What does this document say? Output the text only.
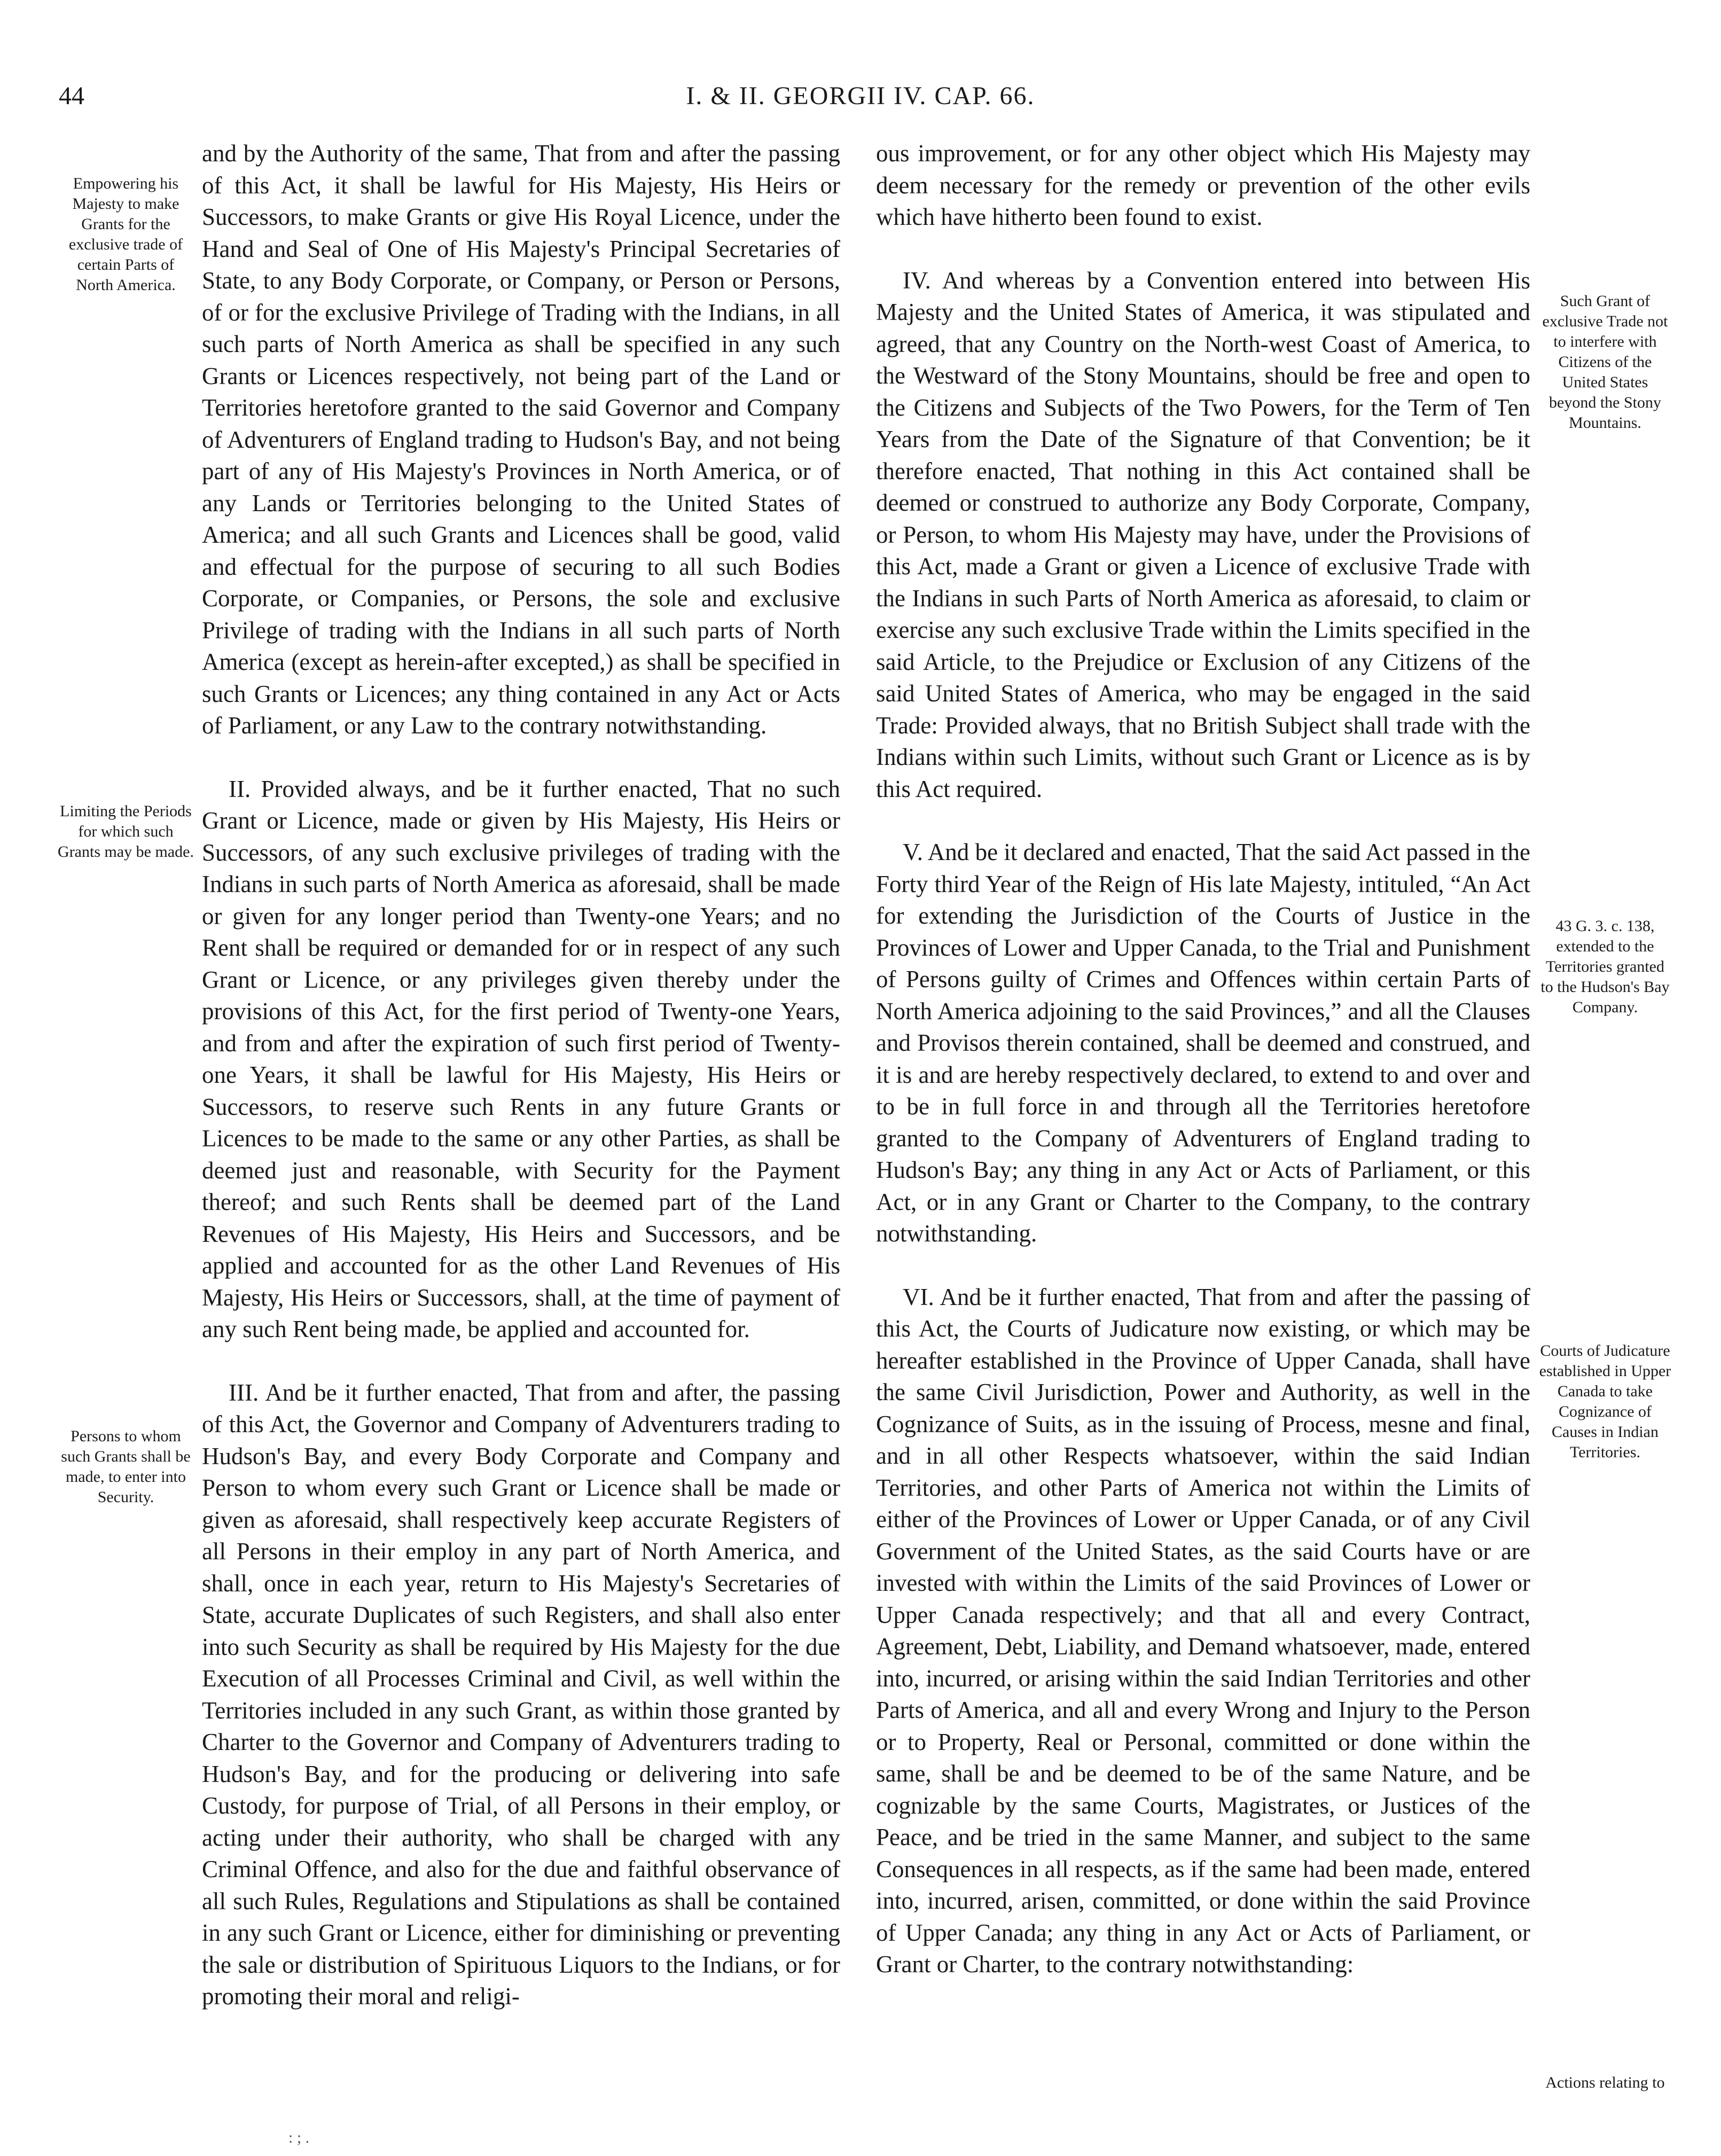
44	I. & II. GEORGII IV. CAP. 66.
Empowering his Majesty to make Grants for the exclusive trade of certain Parts of North America.
Limiting the Periods for which such Grants may be made.
Persons to whom such Grants shall be made, to enter into Security.
Such Grant of exclusive Trade not to interfere with Citizens of the United States beyond the Stony Mountains.
43 G. 3. c. 138, extended to the Territories granted to the Hudson's Bay Company.
Courts of Judicature established in Upper Canada to take Cognizance of Causes in Indian Territories.
Actions relating to

and by the Authority of the same, That from and after the passing of this Act, it shall be lawful for His Majesty, His Heirs or Successors, to make Grants or give His Royal Licence, under the Hand and Seal of One of His Majesty's Principal Secretaries of State, to any Body Corporate, or Company, or Person or Persons, of or for the exclusive Privilege of Trading with the Indians, in all such parts of North America as shall be specified in any such Grants or Licences respectively, not being part of the Land or Territories heretofore granted to the said Governor and Company of Adventurers of England trading to Hudson's Bay, and not being part of any of His Majesty's Provinces in North America, or of any Lands or Territories belonging to the United States of America; and all such Grants and Licences shall be good, valid and effectual for the purpose of securing to all such Bodies Corporate, or Companies, or Persons, the sole and exclusive Privilege of trading with the Indians in all such parts of North America (except as herein-after excepted,) as shall be specified in such Grants or Licences; any thing contained in any Act or Acts of Parliament, or any Law to the contrary notwithstanding.

II. Provided always, and be it further enacted, That no such Grant or Licence, made or given by His Majesty, His Heirs or Successors, of any such exclusive privileges of trading with the Indians in such parts of North America as aforesaid, shall be made or given for any longer period than Twenty-one Years; and no Rent shall be required or demanded for or in respect of any such Grant or Licence, or any privileges given thereby under the provisions of this Act, for the first period of Twenty-one Years, and from and after the expiration of such first period of Twenty-one Years, it shall be lawful for His Majesty, His Heirs or Successors, to reserve such Rents in any future Grants or Licences to be made to the same or any other Parties, as shall be deemed just and reasonable, with Security for the Payment thereof; and such Rents shall be deemed part of the Land Revenues of His Majesty, His Heirs and Successors, and be applied and accounted for as the other Land Revenues of His Majesty, His Heirs or Successors, shall, at the time of payment of any such Rent being made, be applied and accounted for.

III. And be it further enacted, That from and after, the passing of this Act, the Governor and Company of Adventurers trading to Hudson's Bay, and every Body Corporate and Company and Person to whom every such Grant or Licence shall be made or given as aforesaid, shall respectively keep accurate Registers of all Persons in their employ in any part of North America, and shall, once in each year, return to His Majesty's Secretaries of State, accurate Duplicates of such Registers, and shall also enter into such Security as shall be required by His Majesty for the due Execution of all Processes Criminal and Civil, as well within the Territories included in any such Grant, as within those granted by Charter to the Governor and Company of Adventurers trading to Hudson's Bay, and for the producing or delivering into safe Custody, for purpose of Trial, of all Persons in their employ, or acting under their authority, who shall be charged with any Criminal Offence, and also for the due and faithful observance of all such Rules, Regulations and Stipulations as shall be contained in any such Grant or Licence, either for diminishing or preventing the sale or distribution of Spirituous Liquors to the Indians, or for promoting their moral and religi-

ous improvement, or for any other object which His Majesty may deem necessary for the remedy or prevention of the other evils which have hitherto been found to exist.

IV. And whereas by a Convention entered into between His Majesty and the United States of America, it was stipulated and agreed, that any Country on the North-west Coast of America, to the Westward of the Stony Mountains, should be free and open to the Citizens and Subjects of the Two Powers, for the Term of Ten Years from the Date of the Signature of that Convention; be it therefore enacted, That nothing in this Act contained shall be deemed or construed to authorize any Body Corporate, Company, or Person, to whom His Majesty may have, under the Provisions of this Act, made a Grant or given a Licence of exclusive Trade with the Indians in such Parts of North America as aforesaid, to claim or exercise any such exclusive Trade within the Limits specified in the said Article, to the Prejudice or Exclusion of any Citizens of the said United States of America, who may be engaged in the said Trade: Provided always, that no British Subject shall trade with the Indians within such Limits, without such Grant or Licence as is by this Act required.

V. And be it declared and enacted, That the said Act passed in the Forty third Year of the Reign of His late Majesty, intituled, “An Act for extending the Jurisdiction of the Courts of Justice in the Provinces of Lower and Upper Canada, to the Trial and Punishment of Persons guilty of Crimes and Offences within certain Parts of North America adjoining to the said Provinces,” and all the Clauses and Provisos therein contained, shall be deemed and construed, and it is and are hereby respectively declared, to extend to and over and to be in full force in and through all the Territories heretofore granted to the Company of Adventurers of England trading to Hudson's Bay; any thing in any Act or Acts of Parliament, or this Act, or in any Grant or Charter to the Company, to the contrary notwithstanding.

VI. And be it further enacted, That from and after the passing of this Act, the Courts of Judicature now existing, or which may be hereafter established in the Province of Upper Canada, shall have the same Civil Jurisdiction, Power and Authority, as well in the Cognizance of Suits, as in the issuing of Process, mesne and final, and in all other Respects whatsoever, within the said Indian Territories, and other Parts of America not within the Limits of either of the Provinces of Lower or Upper Canada, or of any Civil Government of the United States, as the said Courts have or are invested with within the Limits of the said Provinces of Lower or Upper Canada respectively; and that all and every Contract, Agreement, Debt, Liability, and Demand whatsoever, made, entered into, incurred, or arising within the said Indian Territories and other Parts of America, and all and every Wrong and Injury to the Person or to Property, Real or Personal, committed or done within the same, shall be and be deemed to be of the same Nature, and be cognizable by the same Courts, Magistrates, or Justices of the Peace, and be tried in the same Manner, and subject to the same Consequences in all respects, as if the same had been made, entered into, incurred, arisen, committed, or done within the said Province of Upper Canada; any thing in any Act or Acts of Parliament, or Grant or Charter, to the contrary notwithstanding:

: ; .
